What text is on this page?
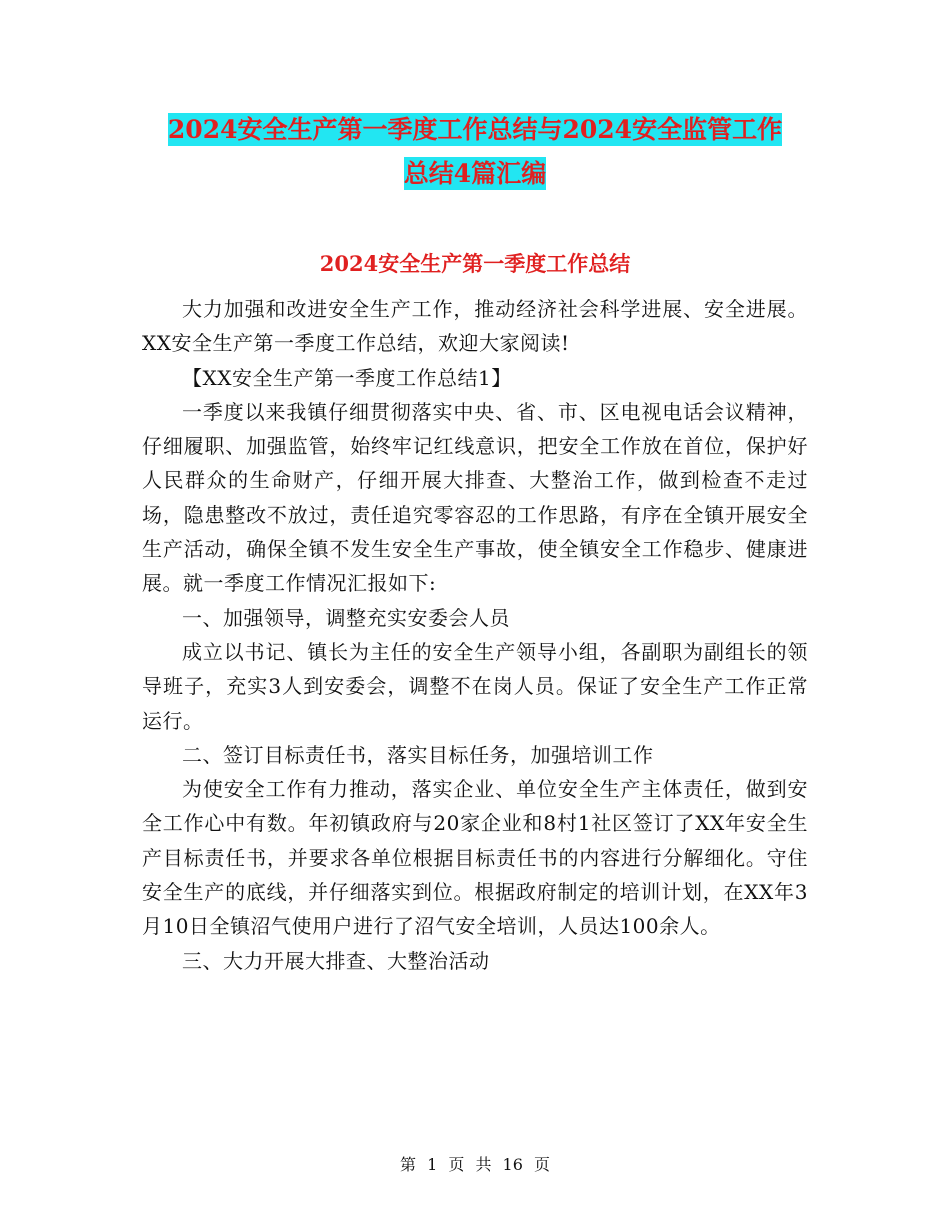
2024安全生产第一季度工作总结与2024安全监管工作
总结4篇汇编
2024安全生产第一季度工作总结

大力加强和改进安全生产工作，推动经济社会科学进展、安全进展。XX安全生产第一季度工作总结，欢迎大家阅读!

【XX安全生产第一季度工作总结1】

一季度以来我镇仔细贯彻落实中央、省、市、区电视电话会议精神，仔细履职、加强监管，始终牢记红线意识，把安全工作放在首位，保护好人民群众的生命财产，仔细开展大排查、大整治工作，做到检查不走过场，隐患整改不放过，责任追究零容忍的工作思路，有序在全镇开展安全生产活动，确保全镇不发生安全生产事故，使全镇安全工作稳步、健康进展。就一季度工作情况汇报如下:

一、加强领导，调整充实安委会人员

成立以书记、镇长为主任的安全生产领导小组，各副职为副组长的领导班子，充实3人到安委会，调整不在岗人员。保证了安全生产工作正常运行。

二、签订目标责任书，落实目标任务，加强培训工作

为使安全工作有力推动，落实企业、单位安全生产主体责任，做到安全工作心中有数。年初镇政府与20家企业和8村1社区签订了XX年安全生产目标责任书，并要求各单位根据目标责任书的内容进行分解细化。守住安全生产的底线，并仔细落实到位。根据政府制定的培训计划，在XX年3月10日全镇沼气使用户进行了沼气安全培训，人员达100余人。

三、大力开展大排查、大整治活动

第 1 页 共 16 页
